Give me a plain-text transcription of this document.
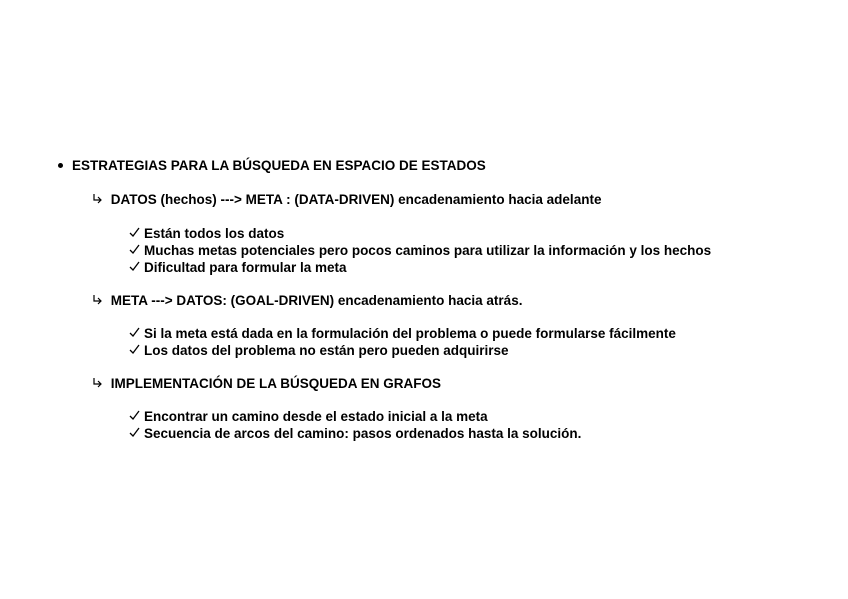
ESTRATEGIAS PARA LA BÚSQUEDA EN ESPACIO DE ESTADOS
DATOS (hechos) ---> META : (DATA-DRIVEN) encadenamiento hacia adelante
Están todos los datos
Muchas metas potenciales pero pocos caminos para utilizar la información y los hechos
Dificultad para formular la meta
META ---> DATOS: (GOAL-DRIVEN) encadenamiento hacia atrás.
Si la meta está dada en la formulación del problema o puede formularse fácilmente
Los datos del problema no están pero pueden adquirirse
IMPLEMENTACIÓN DE LA BÚSQUEDA EN GRAFOS
Encontrar un camino desde el estado inicial a la meta
Secuencia de arcos del camino: pasos ordenados hasta la solución.
